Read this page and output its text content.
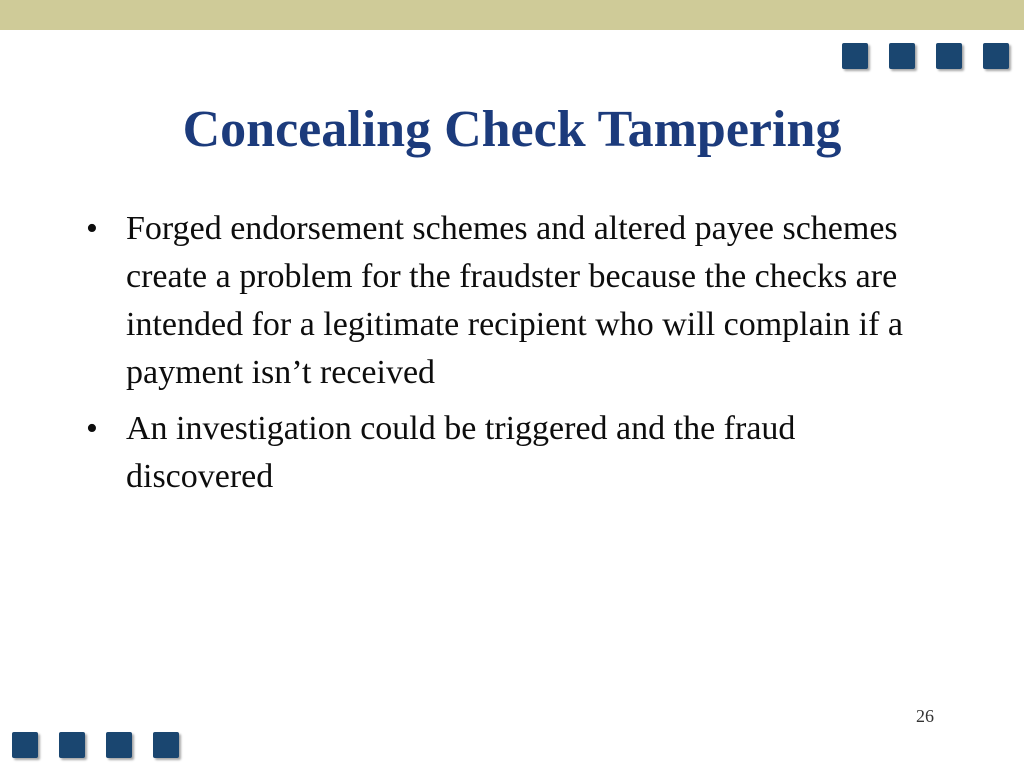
Concealing Check Tampering
• Forged endorsement schemes and altered payee schemes create a problem for the fraudster because the checks are intended for a legitimate recipient who will complain if a payment isn’t received
• An investigation could be triggered and the fraud discovered
26
